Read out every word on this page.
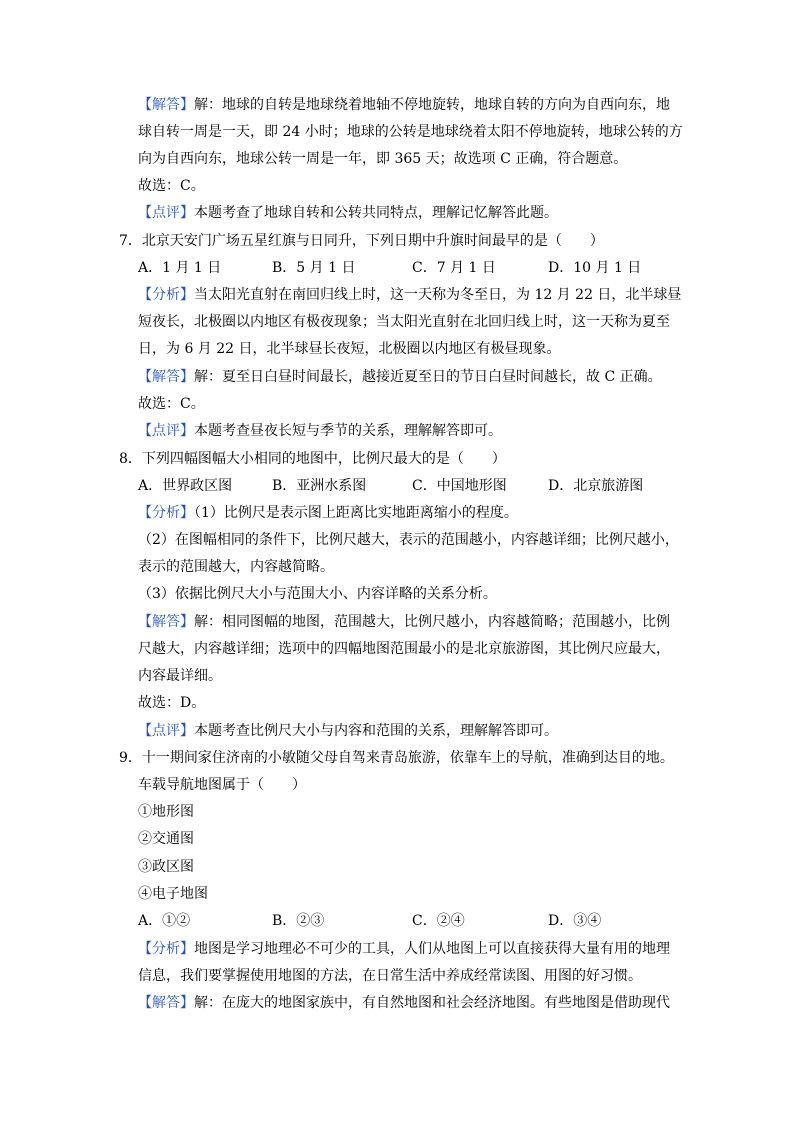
【解答】解：地球的自转是地球绕着地轴不停地旋转，地球自转的方向为自西向东，地
球自转一周是一天，即 24 小时；地球的公转是地球绕着太阳不停地旋转，地球公转的方
向为自西向东，地球公转一周是一年，即 365 天；故选项 C 正确，符合题意。
故选：C。
【点评】本题考查了地球自转和公转共同特点，理解记忆解答此题。
7．北京天安门广场五星红旗与日同升，下列日期中升旗时间最早的是（　　）
A．1 月 1 日	B．5 月 1 日	C．7 月 1 日	D．10 月 1 日
【分析】当太阳光直射在南回归线上时，这一天称为冬至日，为 12 月 22 日，北半球昼
短夜长，北极圈以内地区有极夜现象；当太阳光直射在北回归线上时，这一天称为夏至
日，为 6 月 22 日，北半球昼长夜短，北极圈以内地区有极昼现象。
【解答】解：夏至日白昼时间最长，越接近夏至日的节日白昼时间越长，故 C 正确。
故选：C。
【点评】本题考查昼夜长短与季节的关系，理解解答即可。
8．下列四幅图幅大小相同的地图中，比例尺最大的是（　　）
A．世界政区图	B．亚洲水系图	C．中国地形图	D．北京旅游图
【分析】（1）比例尺是表示图上距离比实地距离缩小的程度。
（2）在图幅相同的条件下，比例尺越大，表示的范围越小，内容越详细；比例尺越小，
表示的范围越大，内容越简略。
（3）依据比例尺大小与范围大小、内容详略的关系分析。
【解答】解：相同图幅的地图，范围越大，比例尺越小，内容越简略；范围越小，比例
尺越大，内容越详细；选项中的四幅地图范围最小的是北京旅游图，其比例尺应最大，
内容最详细。
故选：D。
【点评】本题考查比例尺大小与内容和范围的关系，理解解答即可。
9．十一期间家住济南的小敏随父母自驾来青岛旅游，依靠车上的导航，准确到达目的地。
车载导航地图属于（　　）
①地形图
②交通图
③政区图
④电子地图
A．①②	B．②③	C．②④	D．③④
【分析】地图是学习地理必不可少的工具，人们从地图上可以直接获得大量有用的地理
信息，我们要掌握使用地图的方法，在日常生活中养成经常读图、用图的好习惯。
【解答】解：在庞大的地图家族中，有自然地图和社会经济地图。有些地图是借助现代
